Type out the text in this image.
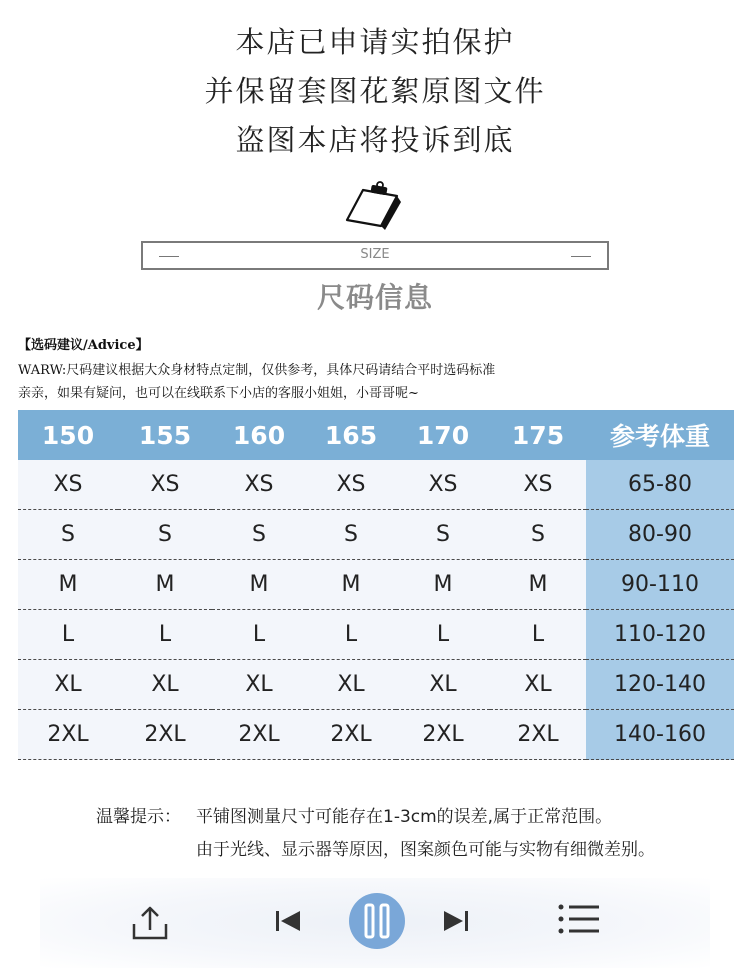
本店已申请实拍保护
并保留套图花絮原图文件
盗图本店将投诉到底
SIZE
尺码信息
【选码建议/Advice】
WARW:尺码建议根据大众身材特点定制，仅供参考，具体尺码请结合平时选码标准
亲亲，如果有疑问，也可以在线联系下小店的客服小姐姐，小哥哥呢~
150	155	160	165	170	175	参考体重
XS	XS	XS	XS	XS	XS	65-80
S	S	S	S	S	S	80-90
M	M	M	M	M	M	90-110
L	L	L	L	L	L	110-120
XL	XL	XL	XL	XL	XL	120-140
2XL	2XL	2XL	2XL	2XL	2XL	140-160
温馨提示： 平铺图测量尺寸可能存在1-3cm的误差,属于正常范围。
由于光线、显示器等原因，图案颜色可能与实物有细微差别。
